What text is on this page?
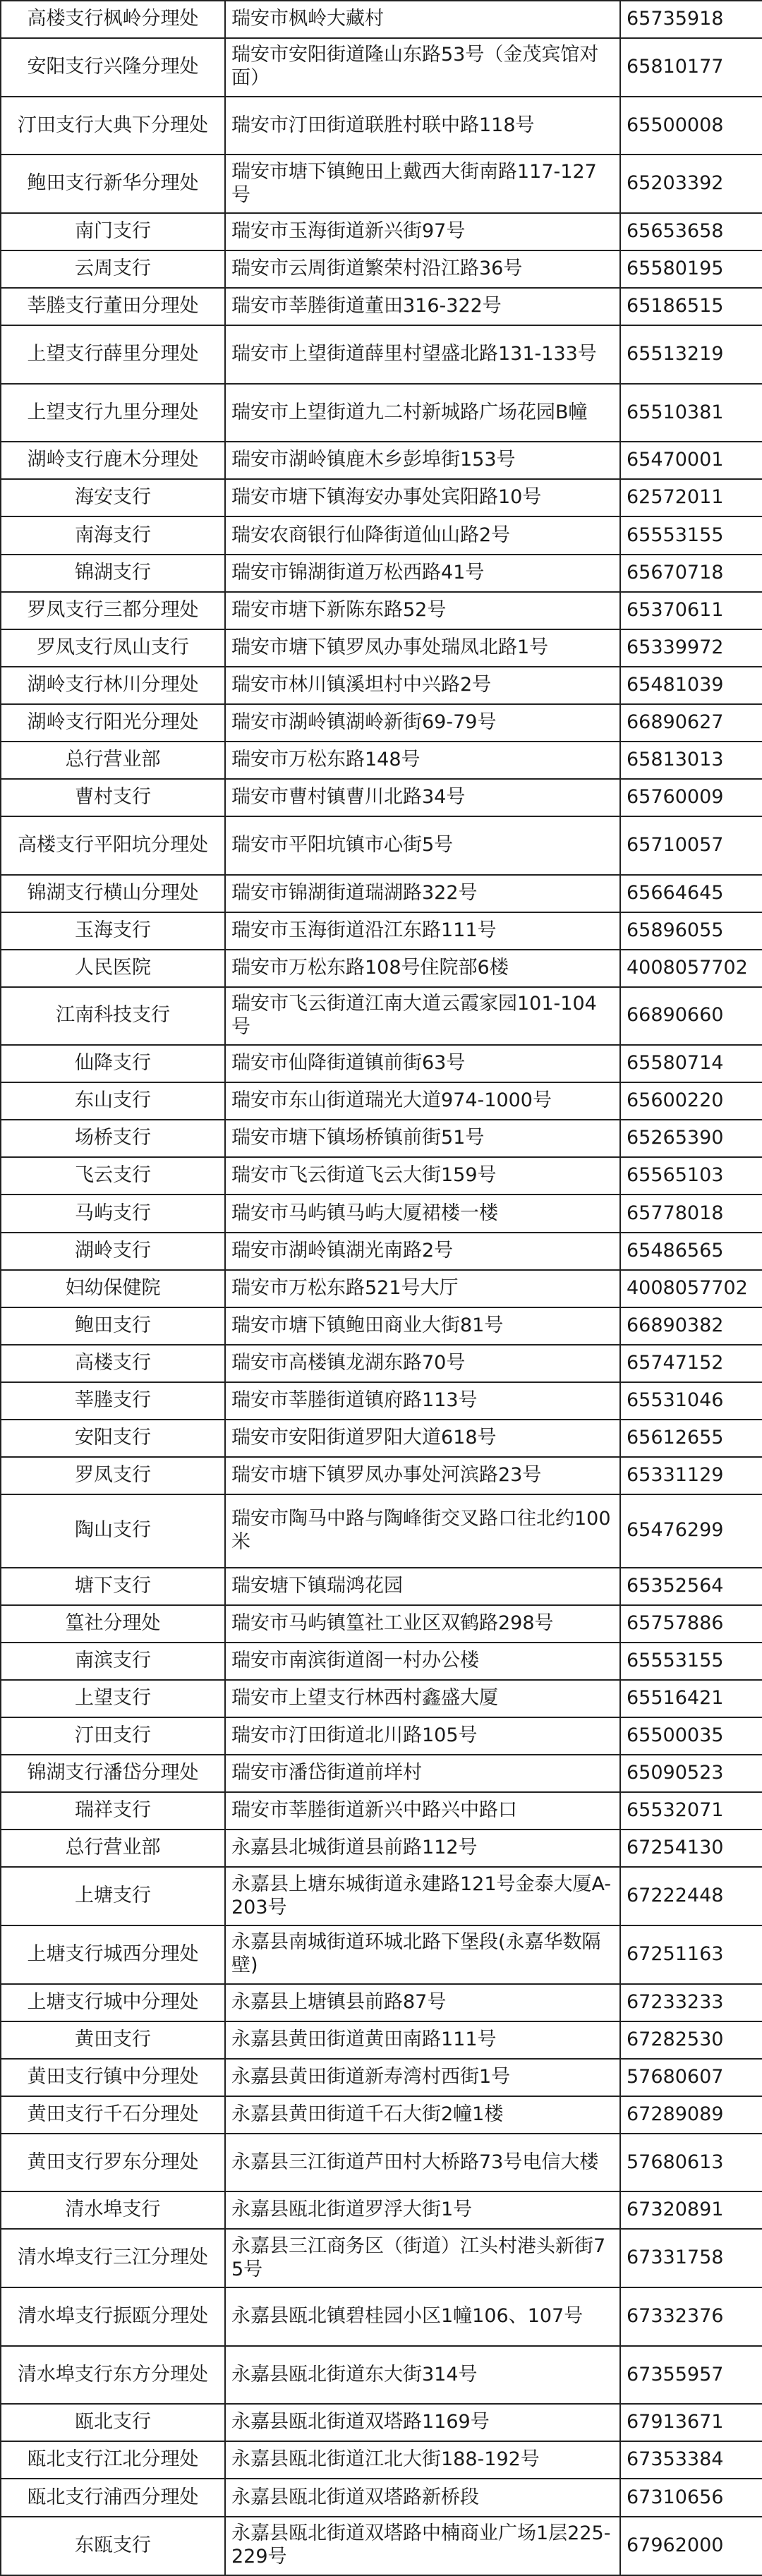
高楼支行枫岭分理处	瑞安市枫岭大藏村	65735918
安阳支行兴隆分理处	瑞安市安阳街道隆山东路53号（金茂宾馆对面）	65810177
汀田支行大典下分理处	瑞安市汀田街道联胜村联中路118号	65500008
鲍田支行新华分理处	瑞安市塘下镇鲍田上戴西大街南路117-127号	65203392
南门支行	瑞安市玉海街道新兴街97号	65653658
云周支行	瑞安市云周街道繁荣村沿江路36号	65580195
莘塍支行董田分理处	瑞安市莘塍街道董田316-322号	65186515
上望支行薛里分理处	瑞安市上望街道薛里村望盛北路131-133号	65513219
上望支行九里分理处	瑞安市上望街道九二村新城路广场花园B幢	65510381
湖岭支行鹿木分理处	瑞安市湖岭镇鹿木乡彭埠街153号	65470001
海安支行	瑞安市塘下镇海安办事处宾阳路10号	62572011
南海支行	瑞安农商银行仙降街道仙山路2号	65553155
锦湖支行	瑞安市锦湖街道万松西路41号	65670718
罗凤支行三都分理处	瑞安市塘下新陈东路52号	65370611
罗凤支行凤山支行	瑞安市塘下镇罗凤办事处瑞凤北路1号	65339972
湖岭支行林川分理处	瑞安市林川镇溪坦村中兴路2号	65481039
湖岭支行阳光分理处	瑞安市湖岭镇湖岭新街69-79号	66890627
总行营业部	瑞安市万松东路148号	65813013
曹村支行	瑞安市曹村镇曹川北路34号	65760009
高楼支行平阳坑分理处	瑞安市平阳坑镇市心街5号	65710057
锦湖支行横山分理处	瑞安市锦湖街道瑞湖路322号	65664645
玉海支行	瑞安市玉海街道沿江东路111号	65896055
人民医院	瑞安市万松东路108号住院部6楼	4008057702
江南科技支行	瑞安市飞云街道江南大道云霞家园101-104号	66890660
仙降支行	瑞安市仙降街道镇前街63号	65580714
东山支行	瑞安市东山街道瑞光大道974-1000号	65600220
场桥支行	瑞安市塘下镇场桥镇前街51号	65265390
飞云支行	瑞安市飞云街道飞云大街159号	65565103
马屿支行	瑞安市马屿镇马屿大厦裙楼一楼	65778018
湖岭支行	瑞安市湖岭镇湖光南路2号	65486565
妇幼保健院	瑞安市万松东路521号大厅	4008057702
鲍田支行	瑞安市塘下镇鲍田商业大街81号	66890382
高楼支行	瑞安市高楼镇龙湖东路70号	65747152
莘塍支行	瑞安市莘塍街道镇府路113号	65531046
安阳支行	瑞安市安阳街道罗阳大道618号	65612655
罗凤支行	瑞安市塘下镇罗凤办事处河滨路23号	65331129
陶山支行	瑞安市陶马中路与陶峰街交叉路口往北约100米	65476299
塘下支行	瑞安塘下镇瑞鸿花园	65352564
篁社分理处	瑞安市马屿镇篁社工业区双鹤路298号	65757886
南滨支行	瑞安市南滨街道阁一村办公楼	65553155
上望支行	瑞安市上望支行林西村鑫盛大厦	65516421
汀田支行	瑞安市汀田街道北川路105号	65500035
锦湖支行潘岱分理处	瑞安市潘岱街道前垟村	65090523
瑞祥支行	瑞安市莘塍街道新兴中路兴中路口	65532071
总行营业部	永嘉县北城街道县前路112号	67254130
上塘支行	永嘉县上塘东城街道永建路121号金泰大厦A-203号	67222448
上塘支行城西分理处	永嘉县南城街道环城北路下堡段(永嘉华数隔壁)	67251163
上塘支行城中分理处	永嘉县上塘镇县前路87号	67233233
黄田支行	永嘉县黄田街道黄田南路111号	67282530
黄田支行镇中分理处	永嘉县黄田街道新寿湾村西街1号	57680607
黄田支行千石分理处	永嘉县黄田街道千石大街2幢1楼	67289089
黄田支行罗东分理处	永嘉县三江街道芦田村大桥路73号电信大楼	57680613
清水埠支行	永嘉县瓯北街道罗浮大街1号	67320891
清水埠支行三江分理处	永嘉县三江商务区（街道）江头村港头新街75号	67331758
清水埠支行振瓯分理处	永嘉县瓯北镇碧桂园小区1幢106、107号	67332376
清水埠支行东方分理处	永嘉县瓯北街道东大街314号	67355957
瓯北支行	永嘉县瓯北街道双塔路1169号	67913671
瓯北支行江北分理处	永嘉县瓯北街道江北大街188-192号	67353384
瓯北支行浦西分理处	永嘉县瓯北街道双塔路新桥段	67310656
东瓯支行	永嘉县瓯北街道双塔路中楠商业广场1层225-229号	67962000
